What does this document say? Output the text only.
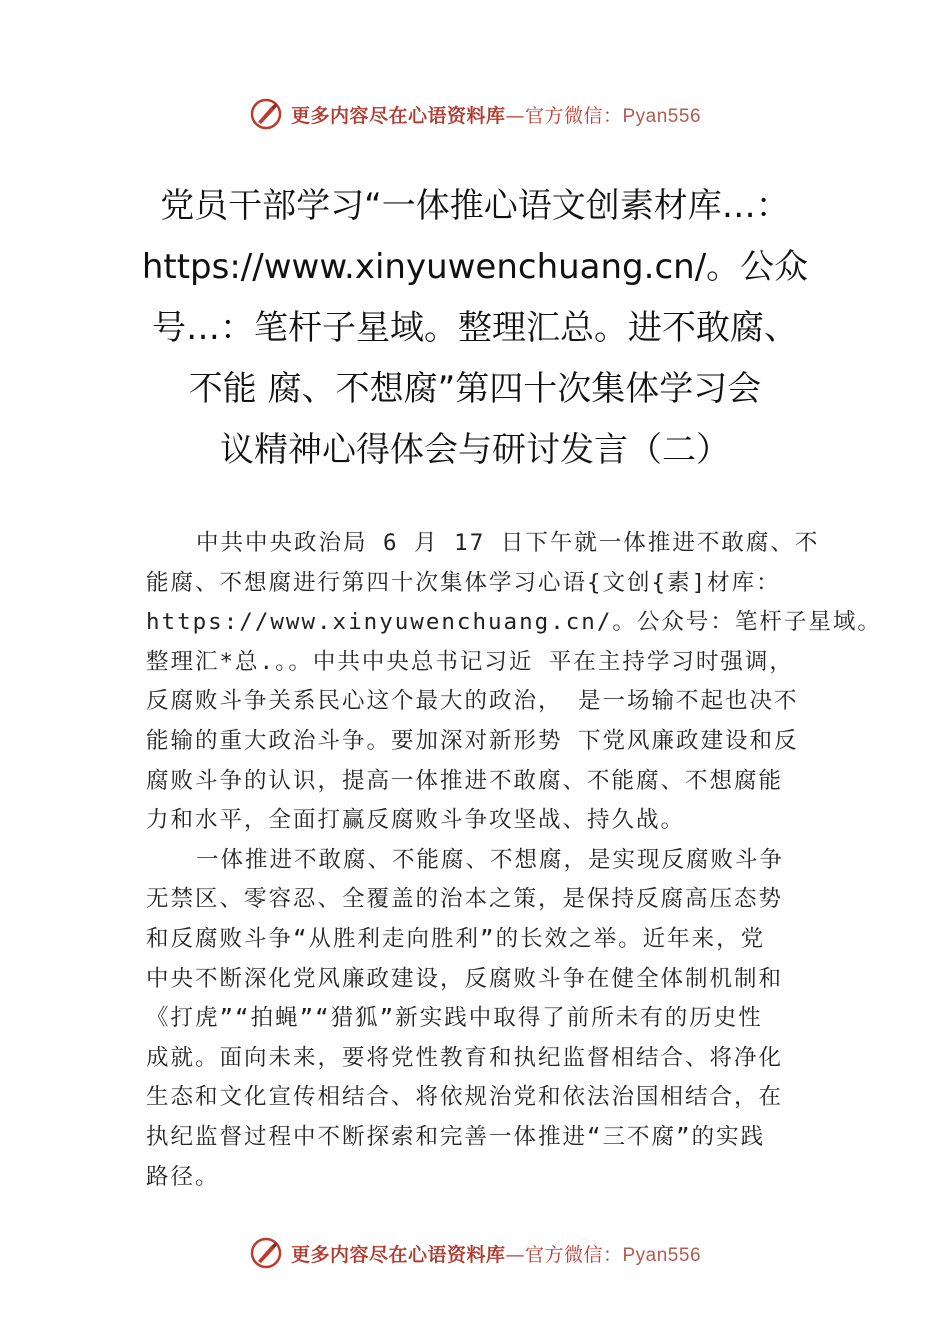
更多内容尽在心语资料库—官方微信：Pyan556
党员干部学习“一体推心语文创素材库…：
https://www.xinyuwenchuang.cn/。公众
号…：笔杆子星域。整理汇总。进不敢腐、
不能 腐、不想腐”第四十次集体学习会
议精神心得体会与研讨发言（二）
中共中央政治局 6 月 17 日下午就一体推进不敢腐、不
能腐、不想腐进行第四十次集体学习心语{文创{素]材库：
https://www.xinyuwenchuang.cn/。公众号：笔杆子星域。
整理汇*总.。。中共中央总书记习近 平在主持学习时强调，
反腐败斗争关系民心这个最大的政治， 是一场输不起也决不
能输的重大政治斗争。要加深对新形势 下党风廉政建设和反
腐败斗争的认识，提高一体推进不敢腐、不能腐、不想腐能
力和水平，全面打赢反腐败斗争攻坚战、持久战。
一体推进不敢腐、不能腐、不想腐，是实现反腐败斗争
无禁区、零容忍、全覆盖的治本之策，是保持反腐高压态势
和反腐败斗争“从胜利走向胜利”的长效之举。近年来，党
中央不断深化党风廉政建设，反腐败斗争在健全体制机制和
《打虎”“拍蝇”“猎狐”新实践中取得了前所未有的历史性
成就。面向未来，要将党性教育和执纪监督相结合、将净化
生态和文化宣传相结合、将依规治党和依法治国相结合，在
执纪监督过程中不断探索和完善一体推进“三不腐”的实践
路径。
更多内容尽在心语资料库—官方微信：Pyan556
